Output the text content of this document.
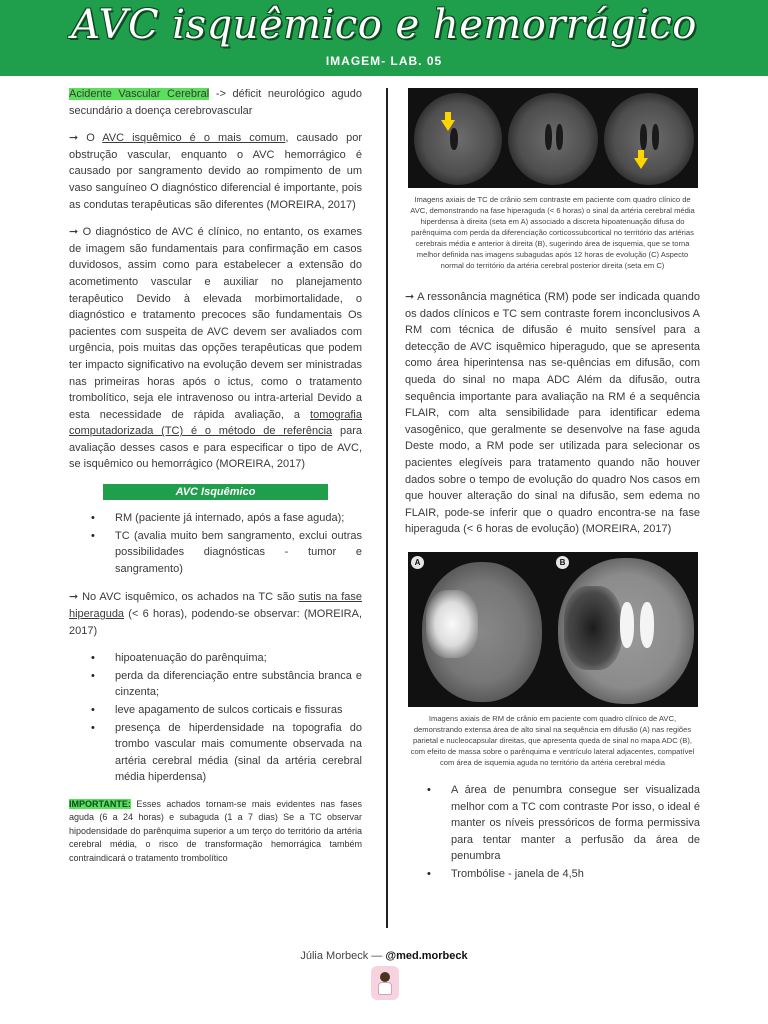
AVC isquêmico e hemorrágico
IMAGEM- LAB. 05

Acidente Vascular Cerebral -> déficit neurológico agudo secundário a doença cerebrovascular

➞ O AVC isquêmico é o mais comum, causado por obstrução vascular, enquanto o AVC hemorrágico é causado por sangramento devido ao rompimento de um vaso sanguíneo O diagnóstico diferencial é importante, pois as condutas terapêuticas são diferentes (MOREIRA, 2017)

➞ O diagnóstico de AVC é clínico, no entanto, os exames de imagem são fundamentais para confirmação em casos duvidosos, assim como para estabelecer a extensão do acometimento vascular e auxiliar no planejamento terapêutico Devido à elevada morbimortalidade, o diagnóstico e tratamento precoces são fundamentais Os pacientes com suspeita de AVC devem ser avaliados com urgência, pois muitas das opções terapêuticas que podem ter impacto significativo na evolução devem ser ministradas nas primeiras horas após o ictus, como o tratamento trombolítico, seja ele intravenoso ou intra-arterial Devido a esta necessidade de rápida avaliação, a tomografia computadorizada (TC) é o método de referência para avaliação desses casos e para especificar o tipo de AVC, se isquêmico ou hemorrágico (MOREIRA, 2017)

AVC Isquêmico
• RM (paciente já internado, após a fase aguda);
• TC (avalia muito bem sangramento, exclui outras possibilidades diagnósticas - tumor e sangramento)

➞ No AVC isquêmico, os achados na TC são sutis na fase hiperaguda (< 6 horas), podendo-se observar: (MOREIRA, 2017)

• hipoatenuação do parênquima;
• perda da diferenciação entre substância branca e cinzenta;
• leve apagamento de sulcos corticais e fissuras
• presença de hiperdensidade na topografia do trombo vascular mais comumente observada na artéria cerebral média (sinal da artéria cerebral média hiperdensa)

IMPORTANTE: Esses achados tornam-se mais evidentes nas fases aguda (6 a 24 horas) e subaguda (1 a 7 dias) Se a TC observar hipodensidade do parênquima superior a um terço do território da artéria cerebral média, o risco de transformação hemorrágica também contraindicará o tratamento trombolítico

Imagens axiais de TC de crânio sem contraste em paciente com quadro clínico de AVC, demonstrando na fase hiperaguda (< 6 horas) o sinal da artéria cerebral média hiperdensa à direita (seta em A) associado a discreta hipoatenuação difusa do parênquima com perda da diferenciação corticossubcortical no território das artérias cerebrais média e anterior à direita (B), sugerindo área de isquemia, que se torna melhor definida nas imagens subagudas após 12 horas de evolução (C) Aspecto normal do território da artéria cerebral posterior direita (seta em C)

➞ A ressonância magnética (RM) pode ser indicada quando os dados clínicos e TC sem contraste forem inconclusivos A RM com técnica de difusão é muito sensível para a detecção de AVC isquêmico hiperagudo, que se apresenta como área hiperintensa nas se-quências em difusão, com queda do sinal no mapa ADC Além da difusão, outra sequência importante para avaliação na RM é a sequência FLAIR, com alta sensibilidade para identificar edema vasogênico, que geralmente se desenvolve na fase aguda Deste modo, a RM pode ser utilizada para selecionar os pacientes elegíveis para tratamento quando não houver dados sobre o tempo de evolução do quadro Nos casos em que houver alteração do sinal na difusão, sem edema no FLAIR, pode-se inferir que o quadro encontra-se na fase hiperaguda (< 6 horas de evolução) (MOREIRA, 2017)

A	B
Imagens axiais de RM de crânio em paciente com quadro clínico de AVC, demonstrando extensa área de alto sinal na sequência em difusão (A) nas regiões parietal e nucleocapsular direitas, que apresenta queda de sinal no mapa ADC (B), com efeito de massa sobre o parênquima e ventrículo lateral adjacentes, compatível com área de isquemia aguda no território da artéria cerebral média
• A área de penumbra consegue ser visualizada melhor com a TC com contraste Por isso, o ideal é manter os níveis pressóricos de forma permissiva para tentar manter a perfusão da área de penumbra
• Trombólise - janela de 4,5h
Júlia Morbeck — @med.morbeck
